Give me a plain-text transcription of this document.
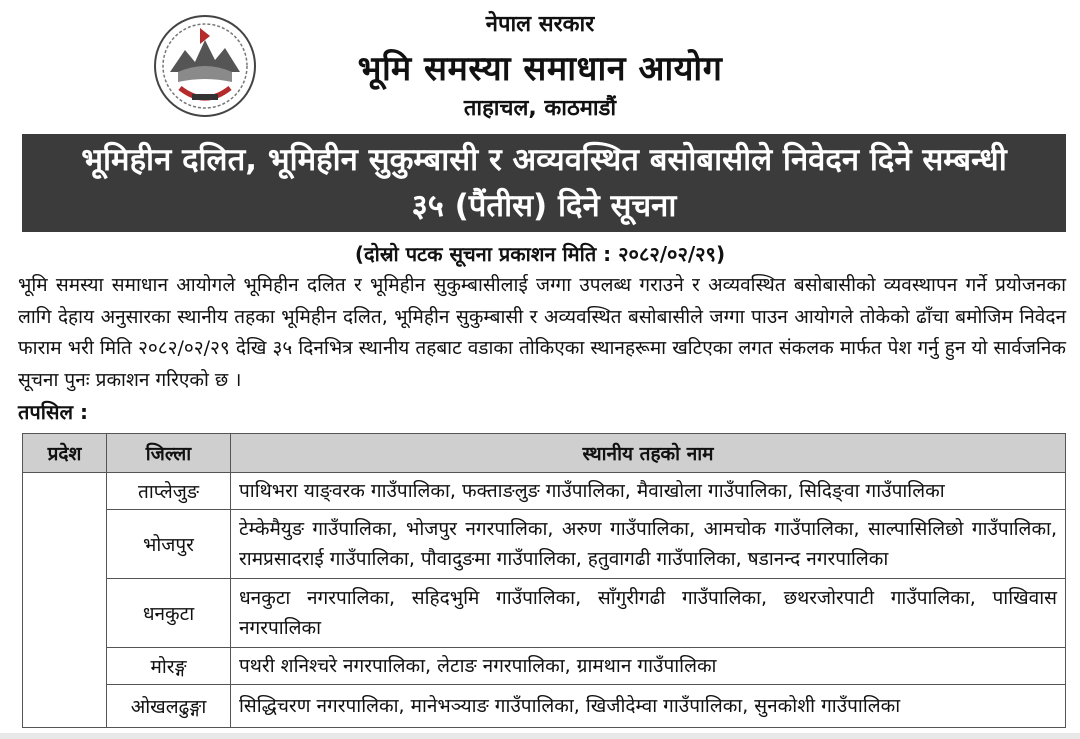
नेपाल सरकार
भूमि समस्या समाधान आयोग
ताहाचल, काठमाडौं
भूमिहीन दलित, भूमिहीन सुकुम्बासी र अव्यवस्थित बसोबासीले निवेदन दिने सम्बन्धी
३५ (पैंतीस) दिने सूचना
(दोस्रो पटक सूचना प्रकाशन मिति : २०८२/०२/२९)
भूमि समस्या समाधान आयोगले भूमिहीन दलित र भूमिहीन सुकुम्बासीलाई जग्गा उपलब्ध गराउने र अव्यवस्थित बसोबासीको व्यवस्थापन गर्ने प्रयोजनका लागि देहाय अनुसारका स्थानीय तहका भूमिहीन दलित, भूमिहीन सुकुम्बासी र अव्यवस्थित बसोबासीले जग्गा पाउन आयोगले तोकेको ढाँचा बमोजिम निवेदन फाराम भरी मिति २०८२/०२/२९ देखि ३५ दिनभित्र स्थानीय तहबाट वडाका तोकिएका स्थानहरूमा खटिएका लगत संकलक मार्फत पेश गर्नु हुन यो सार्वजनिक सूचना पुनः प्रकाशन गरिएको छ ।
तपसिल :
प्रदेश	जिल्ला	स्थानीय तहको नाम
	ताप्लेजुङ	पाथिभरा याङ्वरक गाउँपालिका, फक्ताङलुङ गाउँपालिका, मैवाखोला गाउँपालिका, सिदिङ्वा गाउँपालिका
	भोजपुर	टेम्केमैयुङ गाउँपालिका, भोजपुर नगरपालिका, अरुण गाउँपालिका, आमचोक गाउँपालिका, साल्पासिलिछो गाउँपालिका, रामप्रसादराई गाउँपालिका, पौवादुङमा गाउँपालिका, हतुवागढी गाउँपालिका, षडानन्द नगरपालिका
	धनकुटा	धनकुटा नगरपालिका, सहिदभुमि गाउँपालिका, साँगुरीगढी गाउँपालिका, छथरजोरपाटी गाउँपालिका, पाखिवास नगरपालिका
	मोरङ्ग	पथरी शनिश्चरे नगरपालिका, लेटाङ नगरपालिका, ग्रामथान गाउँपालिका
	ओखलढुङ्गा	सिद्धिचरण नगरपालिका, मानेभञ्याङ गाउँपालिका, खिजीदेम्वा गाउँपालिका, सुनकोशी गाउँपालिका
